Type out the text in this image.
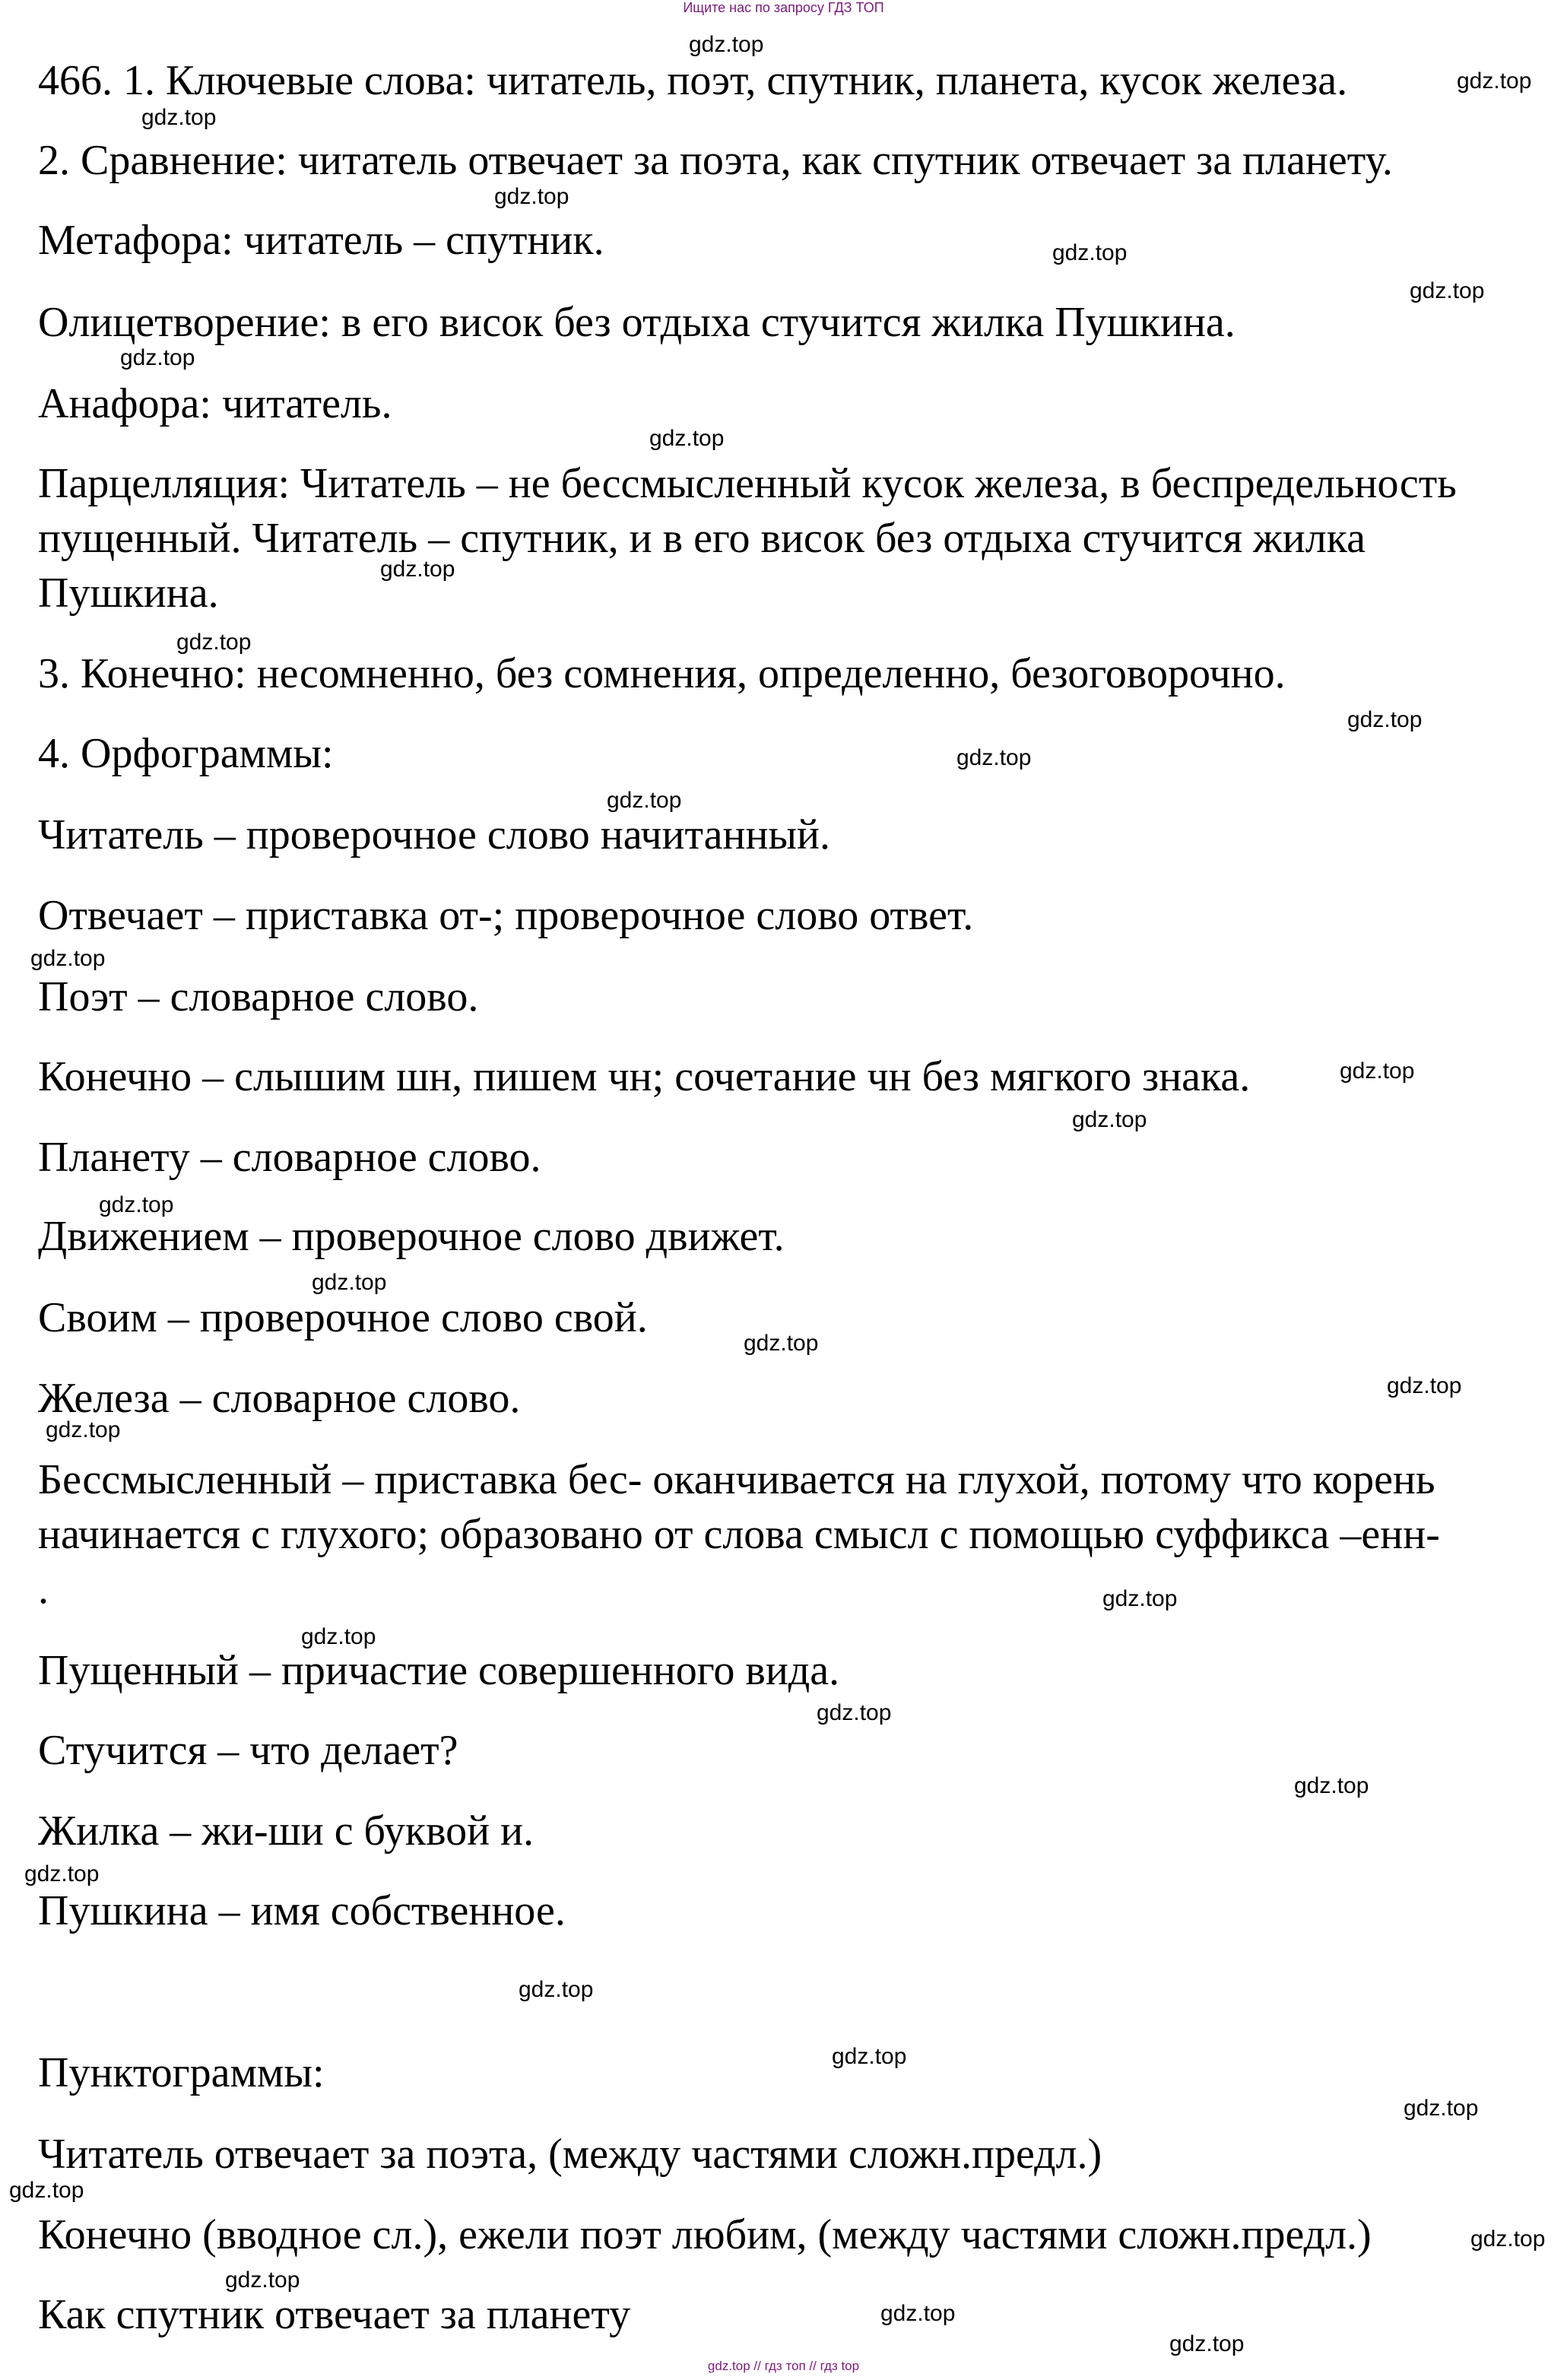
Ищите нас по запросу ГДЗ ТОП

466. 1. Ключевые слова: читатель, поэт, спутник, планета, кусок железа.

2. Сравнение: читатель отвечает за поэта, как спутник отвечает за планету.

Метафора: читатель – спутник.

Олицетворение: в его висок без отдыха стучится жилка Пушкина.

Анафора: читатель.

Парцелляция: Читатель – не бессмысленный кусок железа, в беспредельность

пущенный. Читатель – спутник, и в его висок без отдыха стучится жилка

Пушкина.

3. Конечно: несомненно, без сомнения, определенно, безоговорочно.

4. Орфограммы:

Читатель – проверочное слово начитанный.

Отвечает – приставка от-; проверочное слово ответ.

Поэт – словарное слово.

Конечно – слышим шн, пишем чн; сочетание чн без мягкого знака.

Планету – словарное слово.

Движением – проверочное слово движет.

Своим – проверочное слово свой.

Железа – словарное слово.

Бессмысленный – приставка бес- оканчивается на глухой, потому что корень

начинается с глухого; образовано от слова смысл с помощью суффикса –енн-

.

Пущенный – причастие совершенного вида.

Стучится – что делает?

Жилка – жи-ши с буквой и.

Пушкина – имя собственное.

Пунктограммы:

Читатель отвечает за поэта, (между частями сложн.предл.)

Конечно (вводное сл.), ежели поэт любим, (между частями сложн.предл.)

Как спутник отвечает за планету

gdz.top
gdz.top
gdz.top
gdz.top
gdz.top
gdz.top
gdz.top
gdz.top
gdz.top
gdz.top
gdz.top
gdz.top
gdz.top
gdz.top
gdz.top
gdz.top
gdz.top
gdz.top
gdz.top
gdz.top
gdz.top
gdz.top
gdz.top
gdz.top
gdz.top
gdz.top
gdz.top
gdz.top
gdz.top
gdz.top
gdz.top
gdz.top
gdz.top
gdz.top
gdz.top // гдз топ // гдз top
